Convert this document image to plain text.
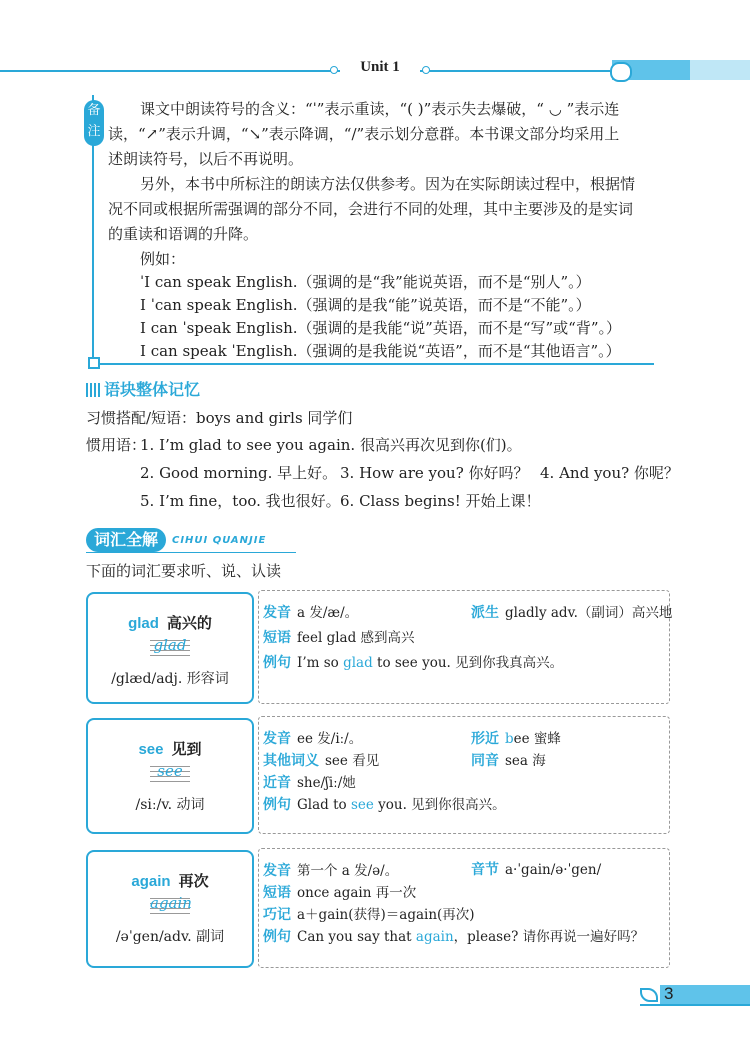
Unit 1
备注
课文中朗读符号的含义：“ˈ”表示重读，“( )”表示失去爆破，“ ◡ ”表示连
读，“↗”表示升调，“↘”表示降调，“/”表示划分意群。本书课文部分均采用上
述朗读符号，以后不再说明。
另外，本书中所标注的朗读方法仅供参考。因为在实际朗读过程中，根据情
况不同或根据所需强调的部分不同，会进行不同的处理，其中主要涉及的是实词
的重读和语调的升降。
例如：
ˈI can speak English.（强调的是“我”能说英语，而不是“别人”。）
I ˈcan speak English.（强调的是我“能”说英语，而不是“不能”。）
I can ˈspeak English.（强调的是我能“说”英语，而不是“写”或“背”。）
I can speak ˈEnglish.（强调的是我能说“英语”，而不是“其他语言”。）
语块整体记忆
习惯搭配/短语：boys and girls 同学们
惯用语：
1. I’m glad to see you again. 很高兴再次见到你(们)。
2. Good morning. 早上好。 3. How are you? 你好吗？ 4. And you? 你呢？
5. I’m fine，too. 我也很好。 6. Class begins! 开始上课！
词汇全解	CIHUI QUANJIE
下面的词汇要求听、说、认读
glad 高兴的
glad
/glæd/adj. 形容词
发音 a 发/æ/。	派生 gladly adv.（副词）高兴地
短语 feel glad 感到高兴
例句 I’m so glad to see you. 见到你我真高兴。
see 见到
see
/siː/v. 动词
发音 ee 发/iː/。	形近 bee 蜜蜂
其他词义 see 看见	同音 sea 海
近音 she/ʃiː/她
例句 Glad to see you. 见到你很高兴。
again 再次
again
/əˈgen/adv. 副词
发音 第一个 a 发/ə/。	音节 a·ˈgain/ə·ˈgen/
短语 once again 再一次
巧记 a＋gain(获得)＝again(再次)
例句 Can you say that again，please? 请你再说一遍好吗？
3
